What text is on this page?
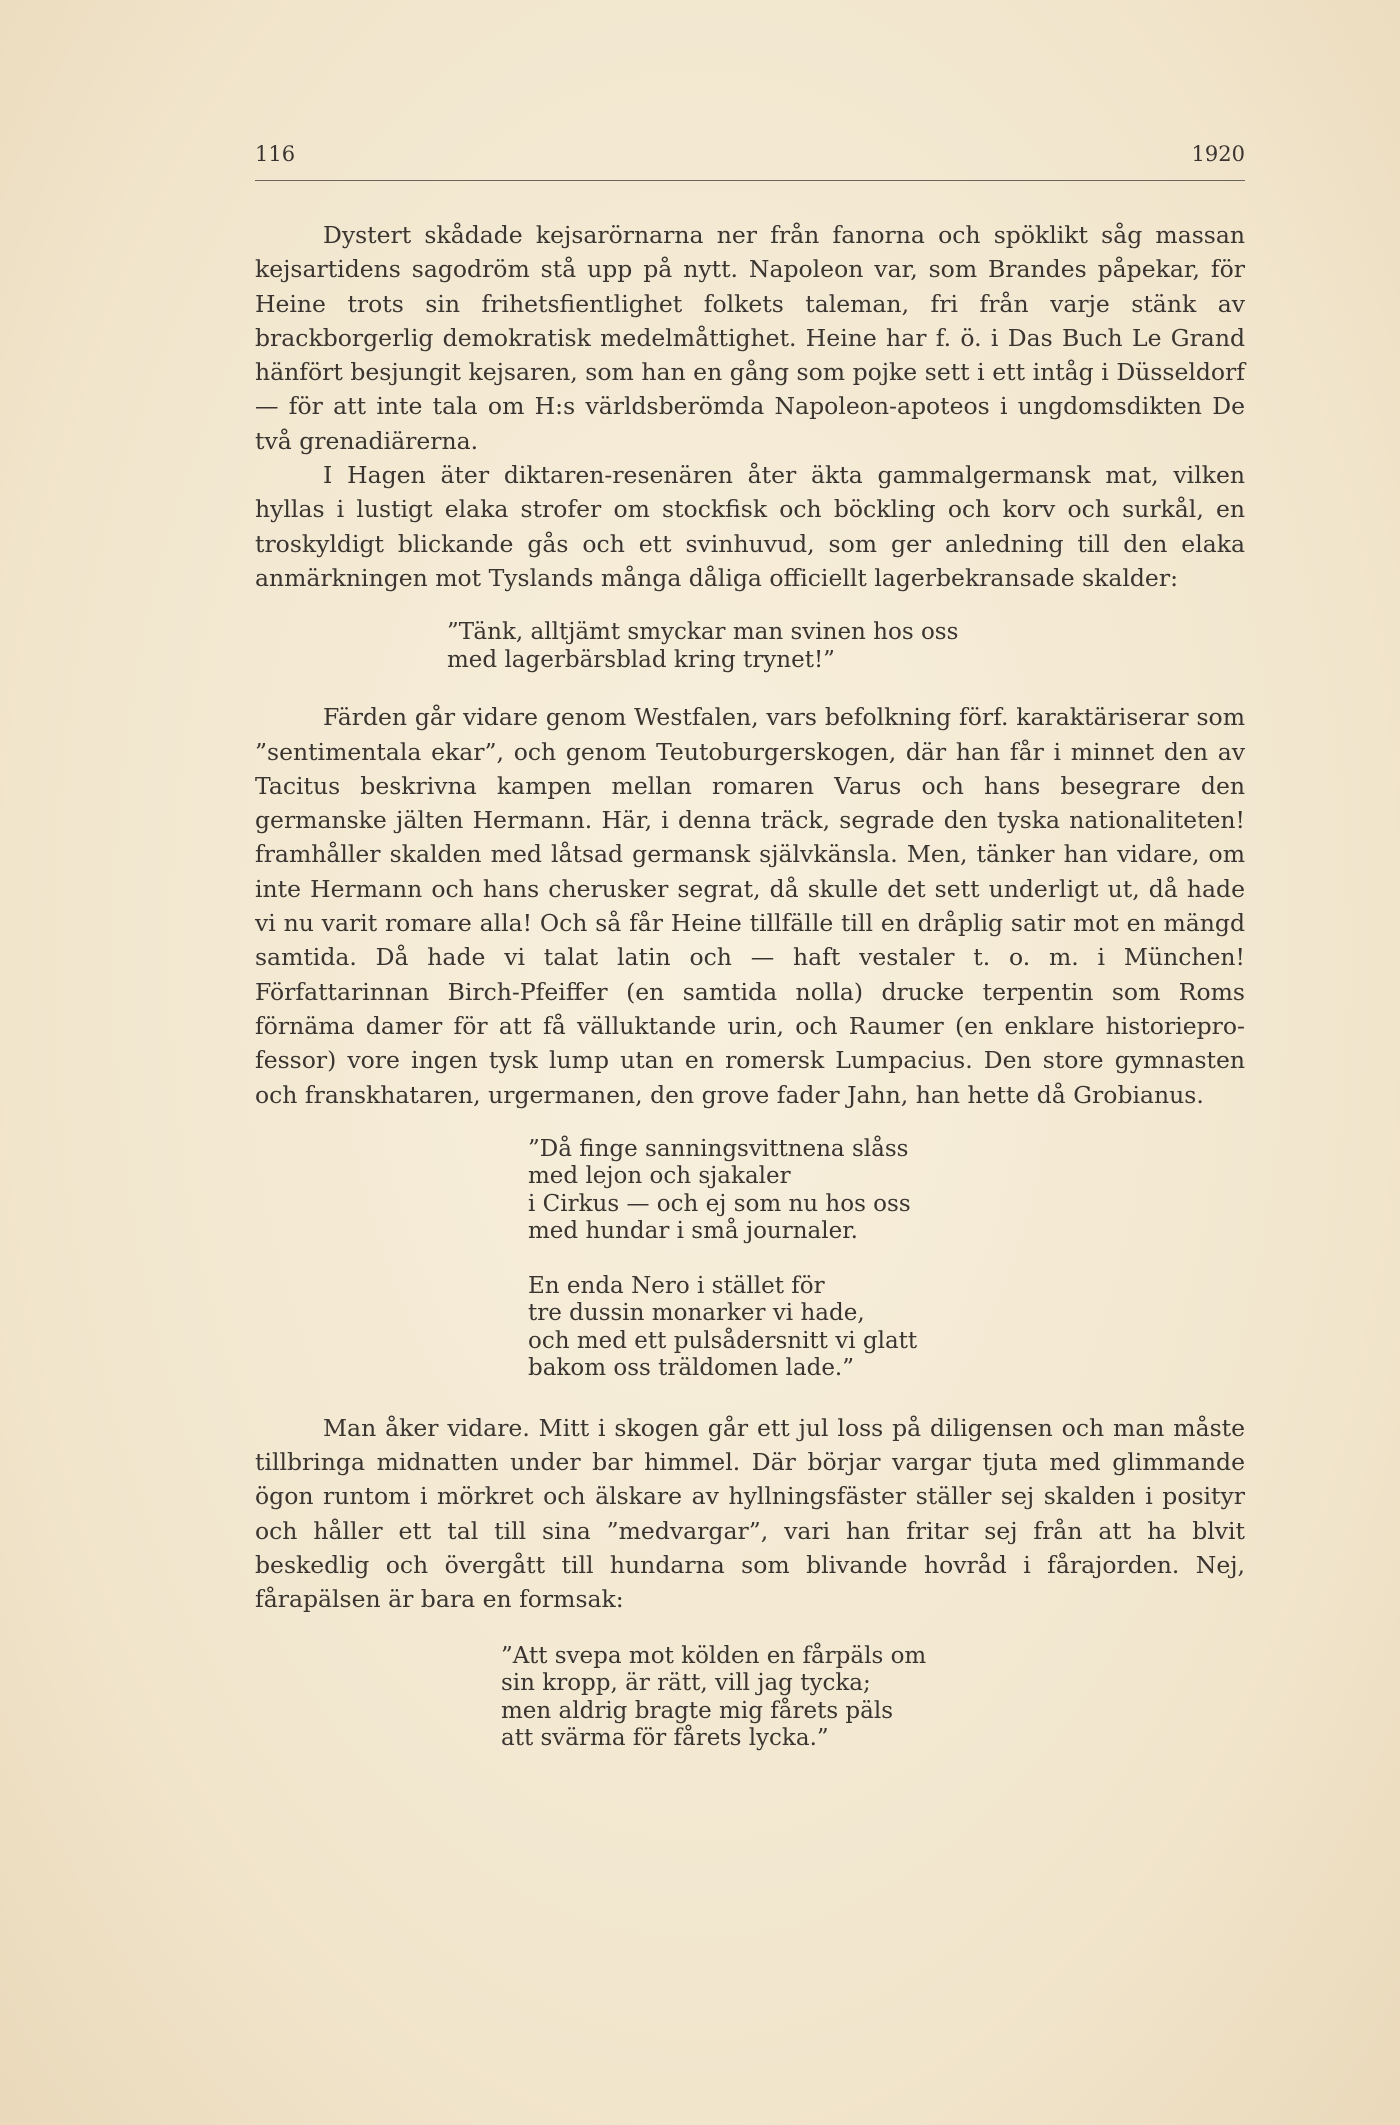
116	1920

Dystert skådade kejsarörnarna ner från fanorna och spöklikt såg massan kejsartidens sagodröm stå upp på nytt. Napoleon var, som Brandes påpekar, för Heine trots sin frihetsfientlighet folkets taleman, fri från varje stänk av brackborgerlig demokratisk medelmåttighet. Heine har f. ö. i Das Buch Le Grand hänfört besjungit kejsaren, som han en gång som pojke sett i ett intåg i Düsseldorf — för att inte tala om H:s världsberömda Napoleon-apoteos i ungdomsdikten De två grenadiärerna.

I Hagen äter diktaren-resenären åter äkta gammalgermansk mat, vilken hyllas i lustigt elaka strofer om stockfisk och böckling och korv och surkål, en troskyldigt blickande gås och ett svinhuvud, som ger anledning till den elaka anmärkningen mot Tyslands många dåliga officiellt lagerbekransade skalder:

”Tänk, alltjämt smyckar man svinen hos oss
med lagerbärsblad kring trynet!”

Färden går vidare genom Westfalen, vars befolkning förf. karaktäriserar som ”sentimentala ekar”, och genom Teutoburgerskogen, där han får i minnet den av Tacitus beskrivna kampen mellan romaren Varus och hans besegrare den germanske jälten Hermann. Här, i denna träck, segrade den tyska nationaliteten! framhåller skalden med låtsad germansk självkänsla. Men, tänker han vidare, om inte Hermann och hans cherusker segrat, då skulle det sett underligt ut, då hade vi nu varit romare alla! Och så får Heine tillfälle till en dråplig satir mot en mängd samtida. Då hade vi talat latin och — haft vestaler t. o. m. i München! Författarinnan Birch-Pfeiffer (en samtida nolla) drucke terpentin som Roms förnäma damer för att få välluktande urin, och Raumer (en enklare historieprofessor) vore ingen tysk lump utan en romersk Lumpacius. Den store gymnasten och franskhataren, urgermanen, den grove fader Jahn, han hette då Grobianus.

”Då finge sanningsvittnena slåss
med lejon och sjakaler
i Cirkus — och ej som nu hos oss
med hundar i små journaler.
En enda Nero i stället för
tre dussin monarker vi hade,
och med ett pulsådersnitt vi glatt
bakom oss träldomen lade.”

Man åker vidare. Mitt i skogen går ett jul loss på diligensen och man måste tillbringa midnatten under bar himmel. Där börjar vargar tjuta med glimmande ögon runtom i mörkret och älskare av hyllningsfäster ställer sej skalden i posityr och håller ett tal till sina ”medvargar”, vari han fritar sej från att ha blvit beskedlig och övergått till hundarna som blivande hovråd i fårajorden. Nej, fårapälsen är bara en formsak:

”Att svepa mot kölden en fårpäls om
sin kropp, är rätt, vill jag tycka;
men aldrig bragte mig fårets päls
att svärma för fårets lycka.”
